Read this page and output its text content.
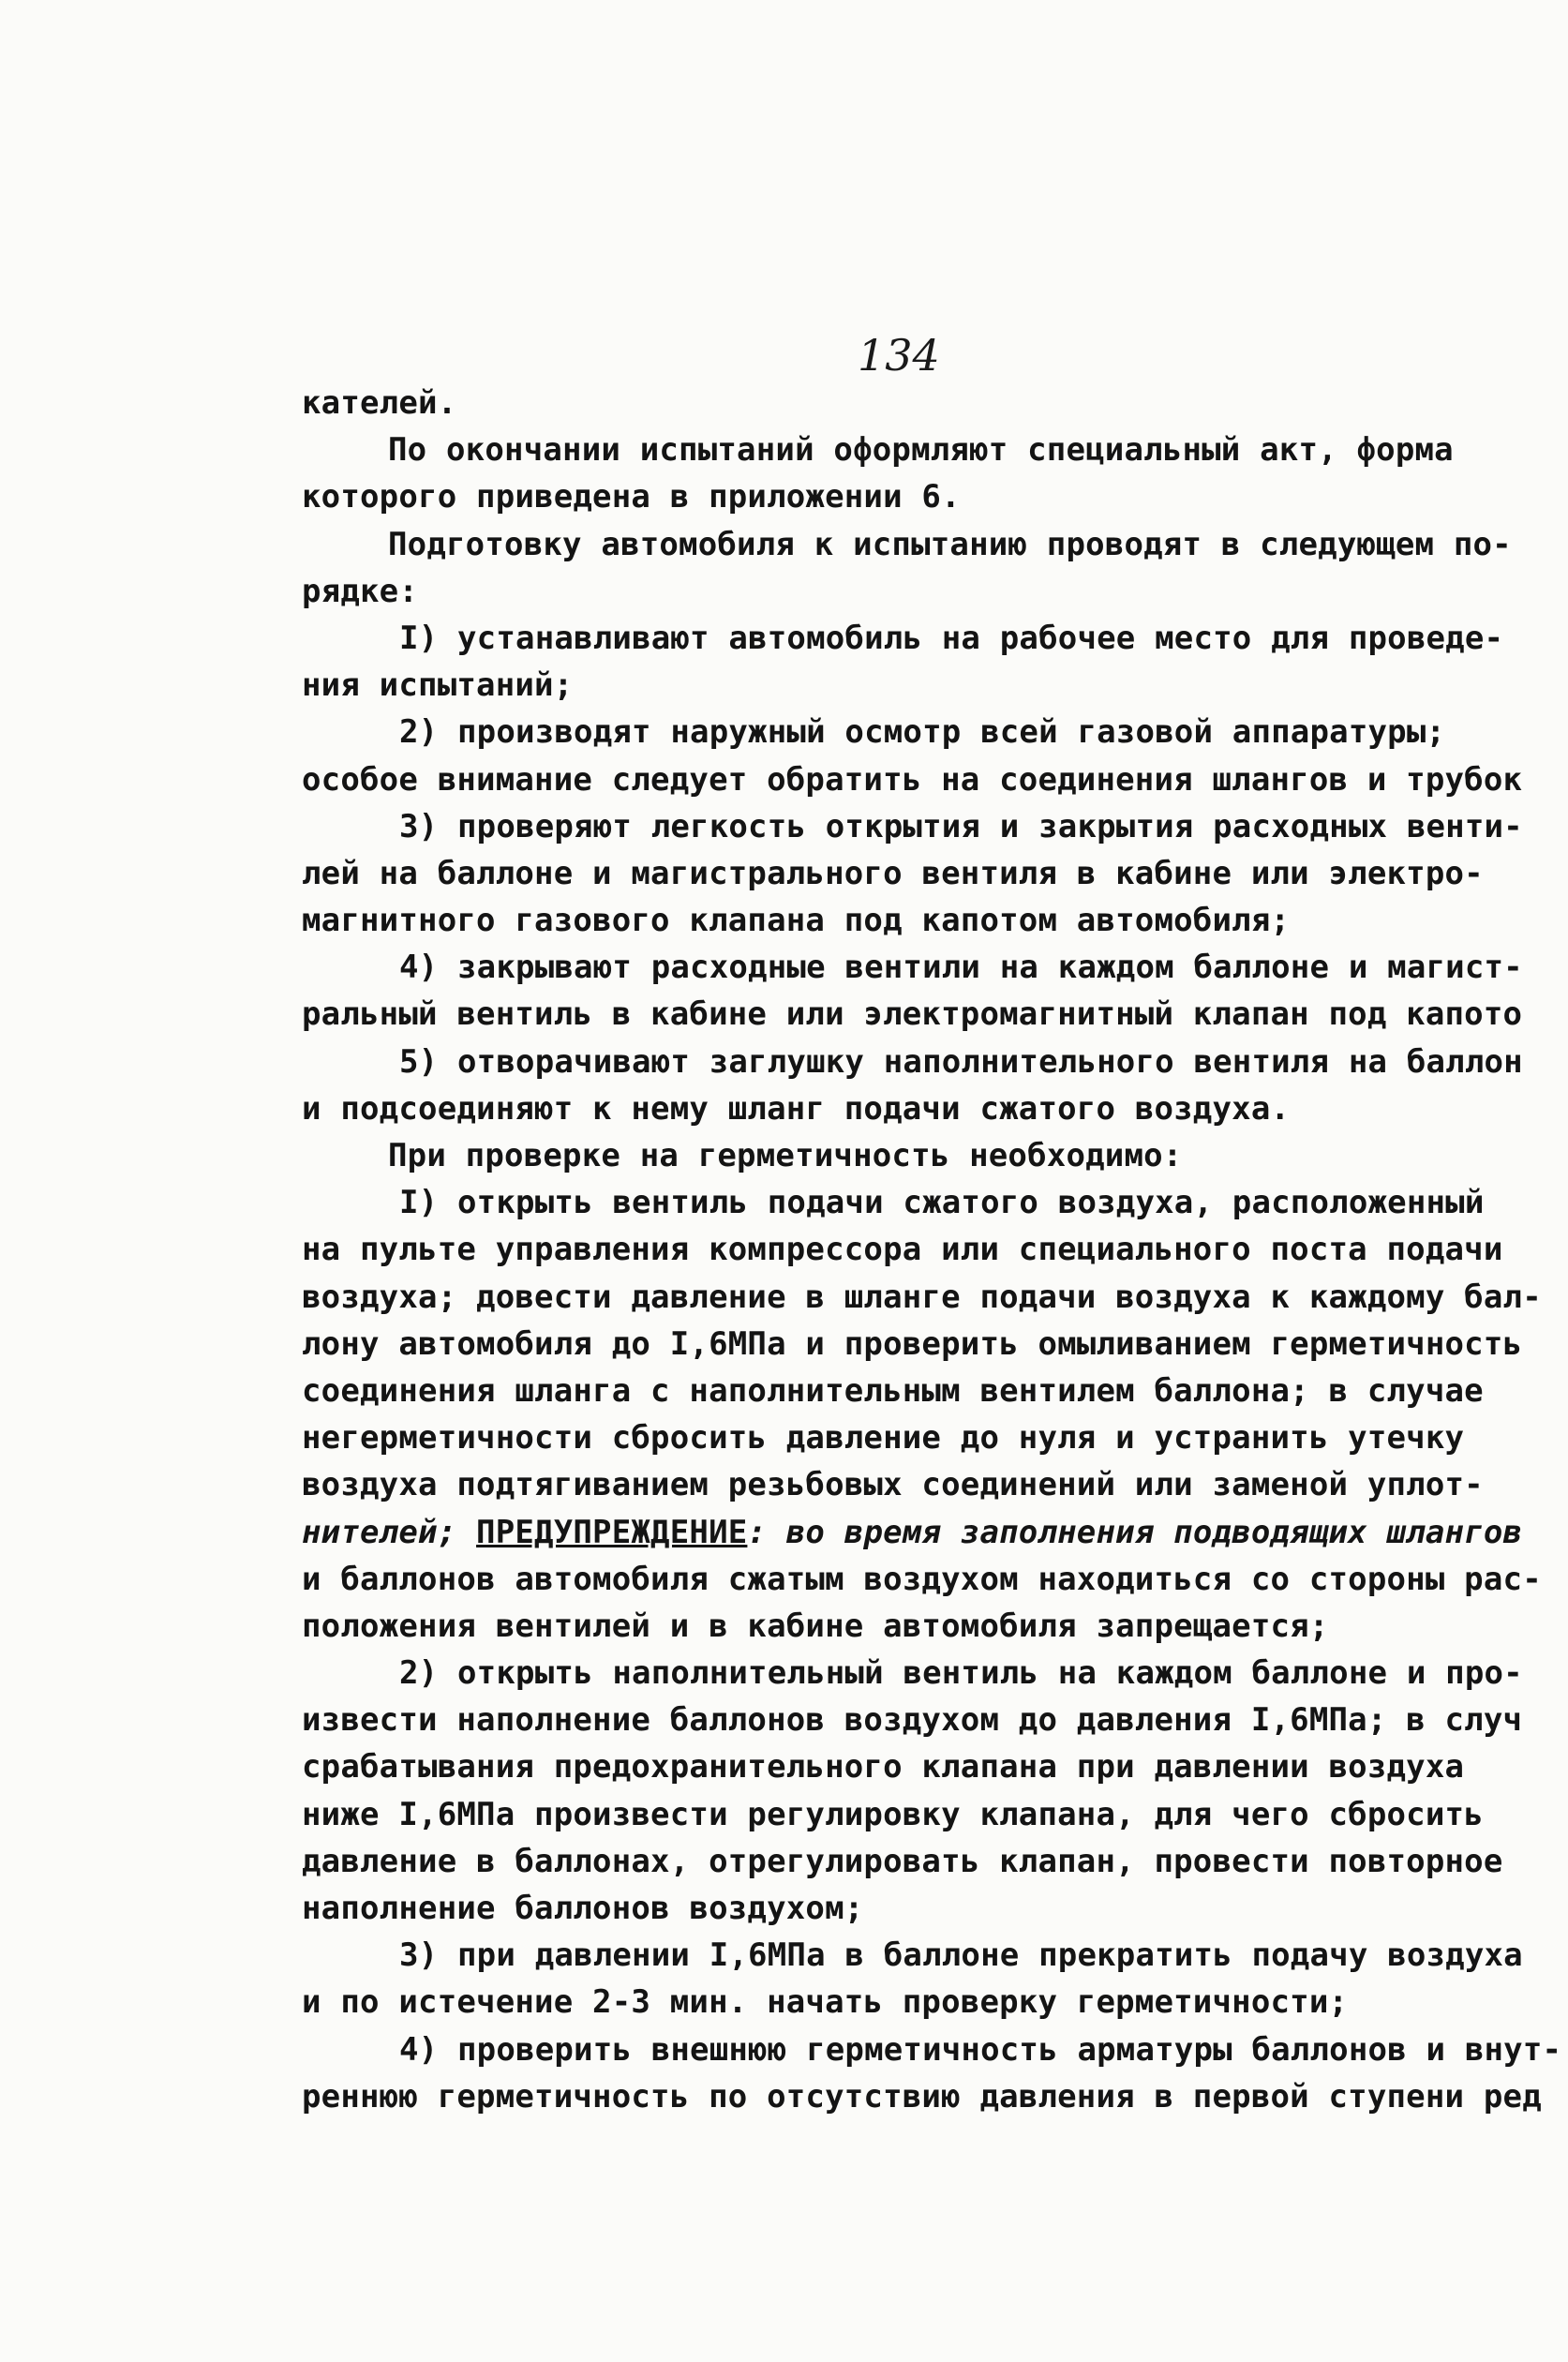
134
кателей.
По окончании испытаний оформляют специальный акт, форма
которого приведена в приложении 6.
Подготовку автомобиля к испытанию проводят в следующем по-
рядке:
I) устанавливают автомобиль на рабочее место для проведе-
ния испытаний;
2) производят наружный осмотр всей газовой аппаратуры;
особое внимание следует обратить на соединения шлангов и трубок
3) проверяют легкость открытия и закрытия расходных венти-
лей на баллоне и магистрального вентиля в кабине или электро-
магнитного газового клапана под капотом автомобиля;
4) закрывают расходные вентили на каждом баллоне и магист-
ральный вентиль в кабине или электромагнитный клапан под капото
5) отворачивают заглушку наполнительного вентиля на баллон
и подсоединяют к нему шланг подачи сжатого воздуха.
При проверке на герметичность необходимо:
I) открыть вентиль подачи сжатого воздуха, расположенный
на пульте управления компрессора или специального поста подачи
воздуха; довести давление в шланге подачи воздуха к каждому бал-
лону автомобиля до I,6МПа и проверить омыливанием герметичность
соединения шланга с наполнительным вентилем баллона; в случае
негерметичности сбросить давление до нуля и устранить утечку
воздуха подтягиванием резьбовых соединений или заменой уплот-
нителей; ПРЕДУПРЕЖДЕНИЕ: во время заполнения подводящих шлангов
и баллонов автомобиля сжатым воздухом находиться со стороны рас-
положения вентилей и в кабине автомобиля запрещается;
2) открыть наполнительный вентиль на каждом баллоне и про-
извести наполнение баллонов воздухом до давления I,6МПа; в случ
срабатывания предохранительного клапана при давлении воздуха
ниже I,6МПа произвести регулировку клапана, для чего сбросить
давление в баллонах, отрегулировать клапан, провести повторное
наполнение баллонов воздухом;
3) при давлении I,6МПа в баллоне прекратить подачу воздуха
и по истечение 2-3 мин. начать проверку герметичности;
4) проверить внешнюю герметичность арматуры баллонов и внут-
реннюю герметичность по отсутствию давления в первой ступени ред
